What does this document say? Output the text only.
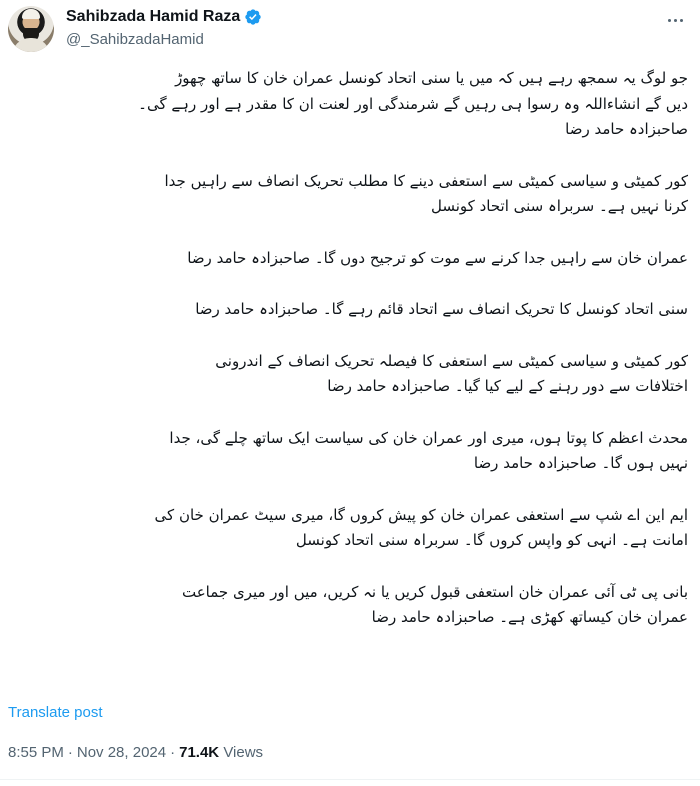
Sahibzada Hamid Raza
@_SahibzadaHamid

جو لوگ یہ سمجھ رہے ہیں کہ میں یا سنی اتحاد کونسل عمران خان کا ساتھ چھوڑ
دیں گے انشاءاللہ وہ رسوا ہی رہیں گے شرمندگی اور لعنت ان کا مقدر ہے اور رہے گی۔
صاحبزادہ حامد رضا

کور کمیٹی و سیاسی کمیٹی سے استعفی دینے کا مطلب تحریک انصاف سے راہیں جدا
کرنا نہیں ہے۔ سربراہ سنی اتحاد کونسل

عمران خان سے راہیں جدا کرنے سے موت کو ترجیح دوں گا۔ صاحبزادہ حامد رضا

سنی اتحاد کونسل کا تحریک انصاف سے اتحاد قائم رہے گا۔ صاحبزادہ حامد رضا

کور کمیٹی و سیاسی کمیٹی سے استعفی کا فیصلہ تحریک انصاف کے اندرونی
اختلافات سے دور رہنے کے لیے کیا گیا۔ صاحبزادہ حامد رضا

محدث اعظم کا پوتا ہوں، میری اور عمران خان کی سیاست ایک ساتھ چلے گی، جدا
نہیں ہوں گا۔ صاحبزادہ حامد رضا

ایم این اے شپ سے استعفی عمران خان کو پیش کروں گا، میری سیٹ عمران خان کی
امانت ہے۔ انہی کو واپس کروں گا۔ سربراہ سنی اتحاد کونسل

بانی پی ٹی آئی عمران خان استعفی قبول کریں یا نہ کریں، میں اور میری جماعت
عمران خان کیساتھ کھڑی ہے۔ صاحبزادہ حامد رضا

Translate post
8:55 PM · Nov 28, 2024 · 71.4K Views
